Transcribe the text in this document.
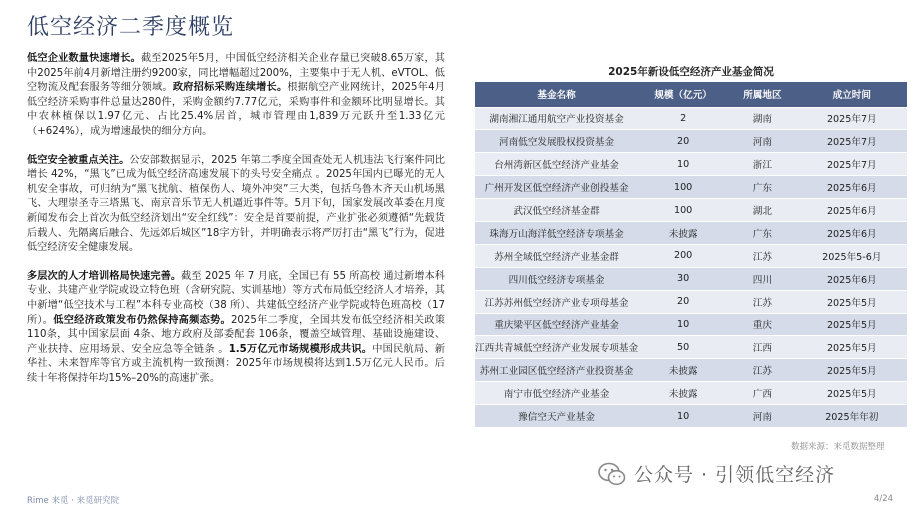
低空经济二季度概览
低空企业数量快速增长。截至2025年5月，中国低空经济相关企业存量已突破8.65万家，其中2025年前4月新增注册约9200家，同比增幅超过200%，主要集中于无人机、eVTOL、低空物流及配套服务等细分领域。政府招标采购连续增长。根据航空产业网统计，2025年4月低空经济采购事件总量达280件，采购金额约7.77亿元，采购事件和金额环比明显增长。其中农林植保以1.97亿元、占比25.4%居首，城市管理由1,839万元跃升至1.33亿元（+624%），成为增速最快的细分方向。
低空安全被重点关注。公安部数据显示，2025 年第二季度全国查处无人机违法飞行案件同比增长 42%，“黑飞”已成为低空经济高速发展下的头号安全痛点 。2025年国内已曝光的无人机安全事故，可归纳为“黑飞扰航、植保伤人、境外冲突”三大类，包括乌鲁木齐天山机场黑飞、大理崇圣寺三塔黑飞、南京音乐节无人机逼近事件等。5月下旬，国家发展改革委在月度新闻发布会上首次为低空经济划出“安全红线”：安全是首要前提，产业扩张必须遵循“先载货后载人、先隔离后融合、先远郊后城区”18字方针，并明确表示将严厉打击“黑飞”行为，促进低空经济安全健康发展。
多层次的人才培训格局快速完善。截至 2025 年 7 月底，全国已有 55 所高校 通过新增本科专业、共建产业学院或设立特色班（含研究院、实训基地）等方式布局低空经济人才培养，其中新增“低空技术与工程”本科专业高校（38 所）、共建低空经济产业学院或特色班高校（17 所）。低空经济政策发布仍然保持高频态势。2025年二季度，全国共发布低空经济相关政策 110条，其中国家层面 4条、地方政府及部委配套 106条，覆盖空域管理、基础设施建设、产业扶持、应用场景、安全应急等全链条 。1.5万亿元市场规模形成共识。中国民航局、新华社、未来智库等官方或主流机构一致预测：2025年市场规模将达到1.5万亿元人民币。后续十年将保持年均15%–20%的高速扩张。
2025年新设低空经济产业基金简况
基金名称	规模（亿元）	所属地区	成立时间
湖南湘江通用航空产业投资基金	2	湖南	2025年7月
河南低空发展股权投资基金	20	河南	2025年7月
台州湾新区低空经济产业基金	10	浙江	2025年7月
广州开发区低空经济产业创投基金	100	广东	2025年6月
武汉低空经济基金群	100	湖北	2025年6月
珠海万山海洋低空经济专项基金	未披露	广东	2025年6月
苏州全域低空经济产业基金群	200	江苏	2025年5-6月
四川低空经济专项基金	30	四川	2025年6月
江苏苏州低空经济产业专项母基金	20	江苏	2025年5月
重庆梁平区低空经济产业基金	10	重庆	2025年5月
江西共青城低空经济产业发展专项基金	50	江西	2025年5月
苏州工业园区低空经济产业投资基金	未披露	江苏	2025年5月
南宁市低空经济产业基金	未披露	广西	2025年5月
豫信空天产业基金	10	河南	2025年年初
数据来源：来觅数据整理
公众号 · 引领低空经济
Rime 来觅 · 来觅研究院	4/24
